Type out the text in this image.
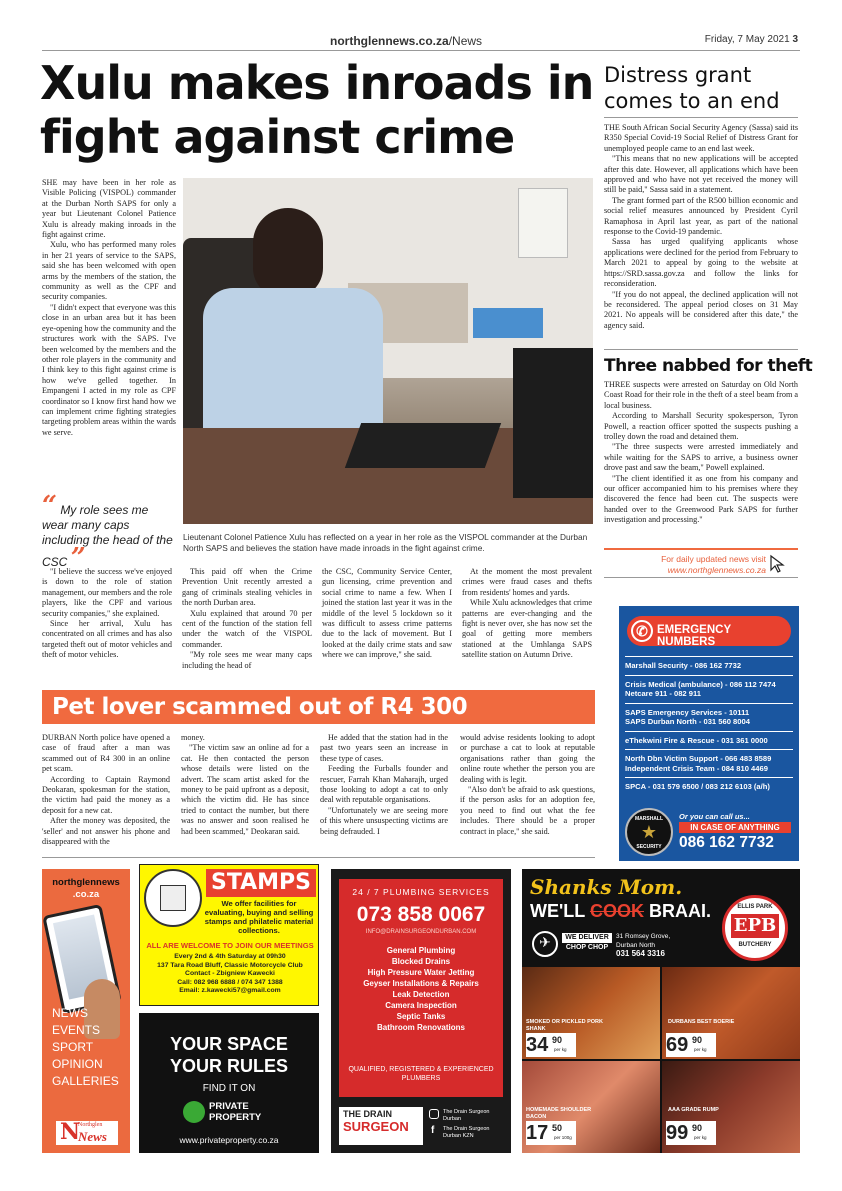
northglennews.co.za/News	Friday, 7 May 2021 3
Xulu makes inroads in
fight against crime
SHE may have been in her role as Visible Policing (VISPOL) commander at the Durban North SAPS for only a year but Lieutenant Colonel Patience Xulu is already making inroads in the fight against crime.

Xulu, who has performed many roles in her 21 years of service to the SAPS, said she has been welcomed with open arms by the members of the station, the community as well as the CPF and security companies.

"I didn't expect that everyone was this close in an urban area but it has been eye-opening how the community and the structures work with the SAPS. I've been welcomed by the members and the other role players in the community and I think key to this fight against crime is how we've gelled together. In Empangeni I acted in my role as CPF coordinator so I know first hand how we can implement crime fighting strategies targeting problem areas within the wards we serve.

“ My role sees me wear many caps including the head of the CSC ”
Lieutenant Colonel Patience Xulu has reflected on a year in her role as the VISPOL commander at the Durban North SAPS and believes the station have made inroads in the fight against crime.

"I believe the success we've enjoyed is down to the role of station management, our members and the role players, like the CPF and various security companies," she explained.

Since her arrival, Xulu has concentrated on all crimes and has also targeted theft out of motor vehicles and theft of motor vehicles.

This paid off when the Crime Prevention Unit recently arrested a gang of criminals stealing vehicles in the north Durban area.

Xulu explained that around 70 per cent of the function of the station fell under the watch of the VISPOL commander.

"My role sees me wear many caps including the head of

the CSC, Community Service Center, gun licensing, crime prevention and social crime to name a few. When I joined the station last year it was in the middle of the level 5 lockdown so it was difficult to assess crime patterns due to the lack of movement. But I looked at the daily crime stats and saw where we can improve," she said.

At the moment the most prevalent crimes were fraud cases and thefts from residents' homes and yards.

While Xulu acknowledges that crime patterns are ever-changing and the fight is never over, she has now set the goal of getting more members stationed at the Umhlanga SAPS satellite station on Autumn Drive.

Distress grant
comes to an end
THE South African Social Security Agency (Sassa) said its R350 Special Covid-19 Social Relief of Distress Grant for unemployed people came to an end last week.

"This means that no new applications will be accepted after this date. However, all applications which have been approved and who have not yet received the money will still be paid," Sassa said in a statement.

The grant formed part of the R500 billion economic and social relief measures announced by President Cyril Ramaphosa in April last year, as part of the national response to the Covid-19 pandemic.

Sassa has urged qualifying applicants whose applications were declined for the period from February to March 2021 to appeal by going to the website at https://SRD.sassa.gov.za and follow the links for reconsideration.

"If you do not appeal, the declined application will not be reconsidered. The appeal period closes on 31 May 2021. No appeals will be considered after this date," the agency said.

Three nabbed for theft
THREE suspects were arrested on Saturday on Old North Coast Road for their role in the theft of a steel beam from a local business.

According to Marshall Security spokesperson, Tyron Powell, a reaction officer spotted the suspects pushing a trolley down the road and detained them.

"The three suspects were arrested immediately and while waiting for the SAPS to arrive, a business owner drove past and saw the beam," Powell explained.

"The client identified it as one from his company and our officer accompanied him to his premises where they discovered the fence had been cut. The suspects were handed over to the Greenwood Park SAPS for further investigation and processing."

For daily updated news visit
www.northglennews.co.za
Pet lover scammed out of R4 300
DURBAN North police have opened a case of fraud after a man was scammed out of R4 300 in an online pet scam.

According to Captain Raymond Deokaran, spokesman for the station, the victim had paid the money as a deposit for a new cat.

After the money was deposited, the 'seller' and not answer his phone and disappeared with the

money.

"The victim saw an online ad for a cat. He then contacted the person whose details were listed on the advert. The scam artist asked for the money to be paid upfront as a deposit, which the victim did. He has since tried to contact the number, but there was no answer and soon realised he had been scammed," Deokaran said.

He added that the station had in the past two years seen an increase in these type of cases.

Feeding the Furballs founder and rescuer, Farrah Khan Maharajh, urged those looking to adopt a cat to only deal with reputable organisations.

"Unfortunately we are seeing more of this where unsuspecting victims are being defrauded. I

would advise residents looking to adopt or purchase a cat to look at reputable organisations rather than going the online route whether the person you are dealing with is legit.

"Also don't be afraid to ask questions, if the person asks for an adoption fee, you need to find out what the fee includes. There should be a proper contract in place," she said.

✆ EMERGENCY NUMBERS
Marshall Security - 086 162 7732
Crisis Medical (ambulance) - 086 112 7474
Netcare 911 - 082 911
SAPS Emergency Services - 10111
SAPS Durban North - 031 560 8004
eThekwini Fire & Rescue - 031 361 0000
North Dbn Victim Support - 066 483 8589
Independent Crisis Team - 084 810 4469
SPCA - 031 579 6500 / 083 212 6103 (a/h)
MARSHALL
★
SECURITY
Or you can call us...
IN CASE OF ANYTHING
086 162 7732
northglennews
.co.za
NEWS
EVENTS
SPORT
OPINION
GALLERIES
N
Northglen
News
STAMPS
We offer facilities for evaluating, buying and selling stamps and philatelic material collections.
ALL ARE WELCOME TO JOIN OUR MEETINGS
Every 2nd & 4th Saturday at 09h30
137 Tara Road Bluff, Classic Motorcycle Club
Contact - Zbigniew Kawecki
Call: 082 968 6888 / 074 347 1388
Email: z.kawecki57@gmail.com
YOUR SPACE
YOUR RULES
FIND IT ON
PRIVATE
PROPERTY
www.privateproperty.co.za
24 / 7 PLUMBING SERVICES
073 858 0067
INFO@DRAINSURGEONDURBAN.COM
General Plumbing
Blocked Drains
High Pressure Water Jetting
Geyser Installations & Repairs
Leak Detection
Camera Inspection
Septic Tanks
Bathroom Renovations
QUALIFIED, REGISTERED & EXPERIENCED PLUMBERS
THE DRAIN
SURGEON
The Drain Surgeon Durban
f The Drain Surgeon Durban KZN
Shanks Mom.
WE'LL COOK BRAAI.
✈	WE DELIVER
CHOP CHOP
31 Romsey Grove,
Durban North
031 564 3316
ELLIS PARK
EPB
BUTCHERY
SMOKED OR PICKLED PORK SHANK
34 90
per kg
DURBANS BEST BOERIE
69 90
per kg
HOMEMADE SHOULDER BACON
17 50
per 100g
AAA GRADE RUMP
99 90
per kg
